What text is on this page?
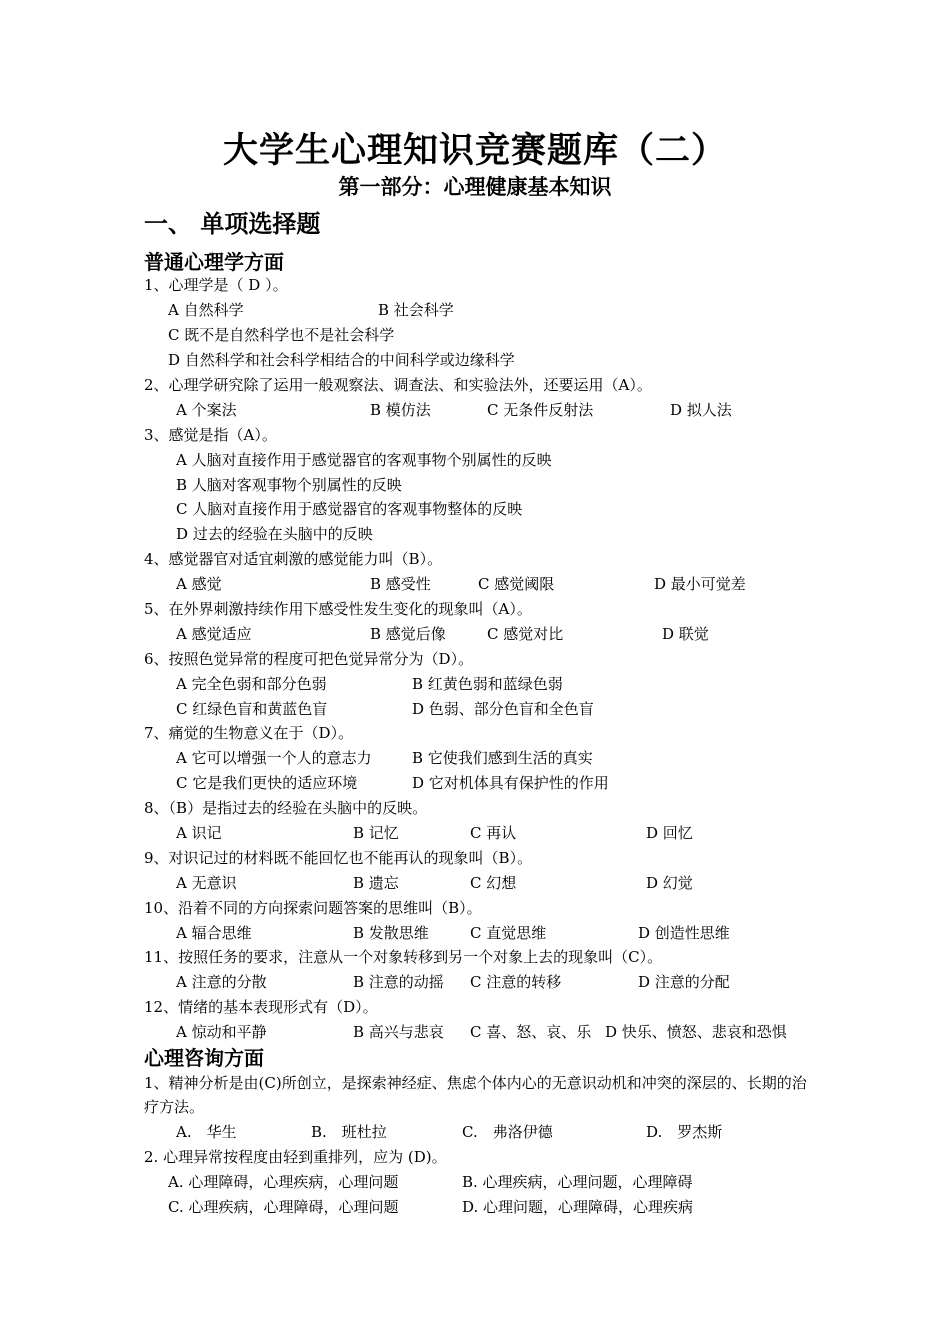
大学生心理知识竞赛题库（二）
第一部分：心理健康基本知识
一、 单项选择题
普通心理学方面
1、心理学是（ D ）。
A 自然科学	B 社会科学
C 既不是自然科学也不是社会科学
D 自然科学和社会科学相结合的中间科学或边缘科学
2、心理学研究除了运用一般观察法、调查法、和实验法外，还要运用（A）。
A 个案法	B 模仿法	C 无条件反射法	D 拟人法
3、感觉是指（A）。
A 人脑对直接作用于感觉器官的客观事物个别属性的反映
B 人脑对客观事物个别属性的反映
C 人脑对直接作用于感觉器官的客观事物整体的反映
D 过去的经验在头脑中的反映
4、感觉器官对适宜刺激的感觉能力叫（B）。
A 感觉	B 感受性	C 感觉阈限	D 最小可觉差
5、在外界刺激持续作用下感受性发生变化的现象叫（A）。
A 感觉适应	B 感觉后像	C 感觉对比	D 联觉
6、按照色觉异常的程度可把色觉异常分为（D）。
A 完全色弱和部分色弱	B 红黄色弱和蓝绿色弱
C 红绿色盲和黄蓝色盲	D 色弱、部分色盲和全色盲
7、痛觉的生物意义在于（D）。
A 它可以增强一个人的意志力	B 它使我们感到生活的真实
C 它是我们更快的适应环境	D 它对机体具有保护性的作用
8、（B）是指过去的经验在头脑中的反映。
A 识记	B 记忆	C 再认	D 回忆
9、对识记过的材料既不能回忆也不能再认的现象叫（B）。
A 无意识	B 遗忘	C 幻想	D 幻觉
10、沿着不同的方向探索问题答案的思维叫（B）。
A 辐合思维	B 发散思维	C 直觉思维	D 创造性思维
11、按照任务的要求，注意从一个对象转移到另一个对象上去的现象叫（C）。
A 注意的分散	B 注意的动摇 C 注意的转移	D 注意的分配
12、情绪的基本表现形式有（D）。
A 惊动和平静	B 高兴与悲哀 C 喜、怒、哀、乐 D 快乐、愤怒、悲哀和恐惧
心理咨询方面
1、精神分析是由(C)所创立，是探索神经症、焦虑个体内心的无意识动机和冲突的深层的、长期的治疗方法。
A.　华生	B.　班杜拉	C.　弗洛伊德	D.　罗杰斯
2. 心理异常按程度由轻到重排列，应为 (D)。
A. 心理障碍，心理疾病，心理问题	B. 心理疾病，心理问题，心理障碍
C. 心理疾病，心理障碍，心理问题	D. 心理问题，心理障碍，心理疾病
